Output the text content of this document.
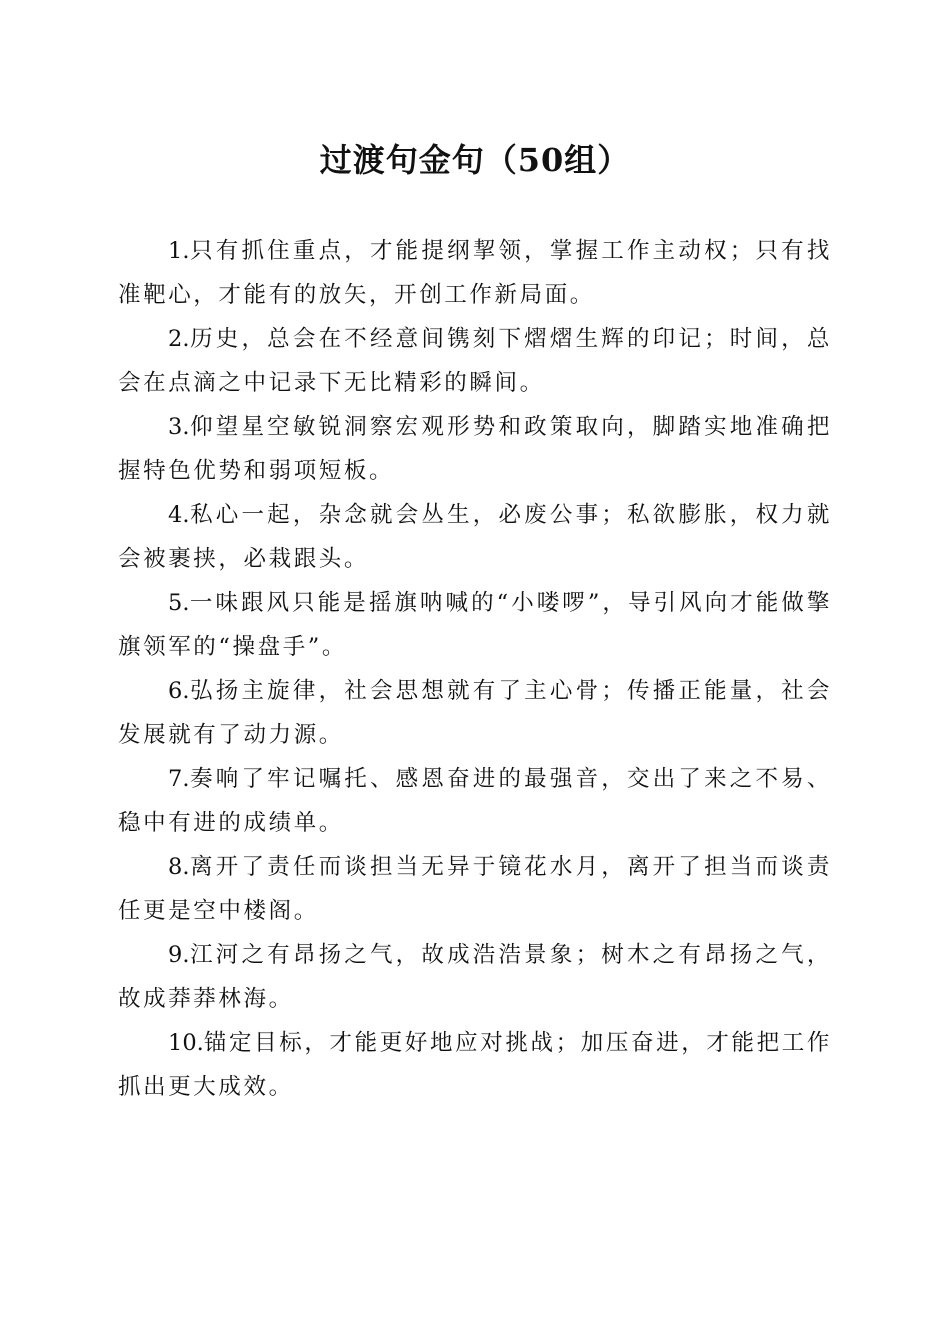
过渡句金句（50组）

1.只有抓住重点，才能提纲挈领，掌握工作主动权；只有找准靶心，才能有的放矢，开创工作新局面。

2.历史，总会在不经意间镌刻下熠熠生辉的印记；时间，总会在点滴之中记录下无比精彩的瞬间。

3.仰望星空敏锐洞察宏观形势和政策取向，脚踏实地准确把握特色优势和弱项短板。

4.私心一起，杂念就会丛生，必废公事；私欲膨胀，权力就会被裹挟，必栽跟头。

5.一味跟风只能是摇旗呐喊的“小喽啰”，导引风向才能做擎旗领军的“操盘手”。

6.弘扬主旋律，社会思想就有了主心骨；传播正能量，社会发展就有了动力源。

7.奏响了牢记嘱托、感恩奋进的最强音，交出了来之不易、稳中有进的成绩单。

8.离开了责任而谈担当无异于镜花水月，离开了担当而谈责任更是空中楼阁。

9.江河之有昂扬之气，故成浩浩景象；树木之有昂扬之气，故成莽莽林海。

10.锚定目标，才能更好地应对挑战；加压奋进，才能把工作抓出更大成效。
